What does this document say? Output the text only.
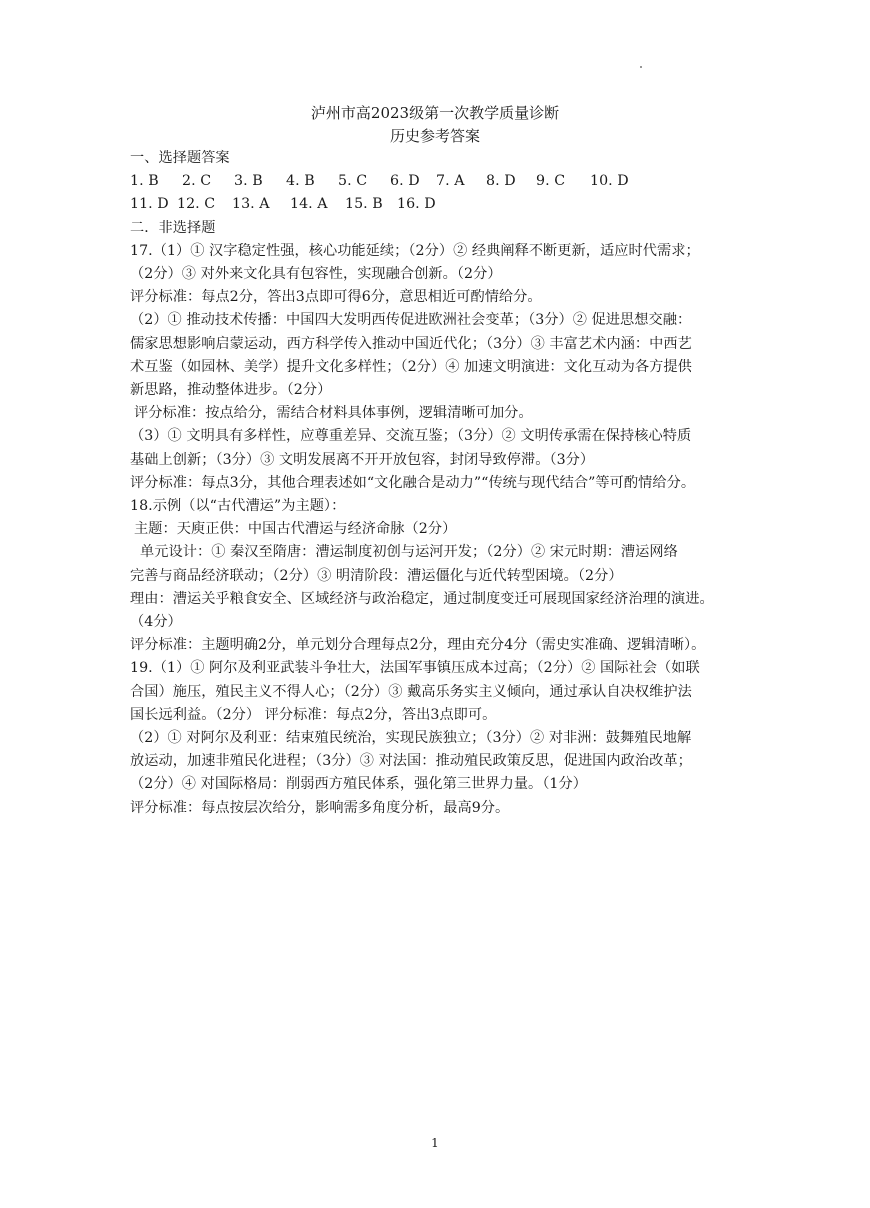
泸州市高2023级第一次教学质量诊断
历史参考答案
一、选择题答案
1. B	2. C	3. B	4. B	5. C	6. D	7. A	8. D	9. C	10. D
11. D 12. C	13. A	14. A	15. B	16. D
二．非选择题
17.（1）① 汉字稳定性强，核心功能延续；（2分）② 经典阐释不断更新，适应时代需求；
（2分）③ 对外来文化具有包容性，实现融合创新。（2分）
评分标准：每点2分，答出3点即可得6分，意思相近可酌情给分。
（2）① 推动技术传播：中国四大发明西传促进欧洲社会变革；（3分）② 促进思想交融：
儒家思想影响启蒙运动，西方科学传入推动中国近代化；（3分）③ 丰富艺术内涵：中西艺
术互鉴（如园林、美学）提升文化多样性；（2分）④ 加速文明演进：文化互动为各方提供
新思路，推动整体进步。（2分）
评分标准：按点给分，需结合材料具体事例，逻辑清晰可加分。
（3）① 文明具有多样性，应尊重差异、交流互鉴；（3分）② 文明传承需在保持核心特质
基础上创新；（3分）③ 文明发展离不开开放包容，封闭导致停滞。（3分）
评分标准：每点3分，其他合理表述如“文化融合是动力”“传统与现代结合”等可酌情给分。
18.示例（以“古代漕运”为主题）：
主题：天庾正供：中国古代漕运与经济命脉（2分）
单元设计：① 秦汉至隋唐：漕运制度初创与运河开发；（2分）② 宋元时期：漕运网络
完善与商品经济联动；（2分）③ 明清阶段：漕运僵化与近代转型困境。（2分）
理由：漕运关乎粮食安全、区域经济与政治稳定，通过制度变迁可展现国家经济治理的演进。
（4分）
评分标准：主题明确2分，单元划分合理每点2分，理由充分4分（需史实准确、逻辑清晰）。
19.（1）① 阿尔及利亚武装斗争壮大，法国军事镇压成本过高；（2分）② 国际社会（如联
合国）施压，殖民主义不得人心；（2分）③ 戴高乐务实主义倾向，通过承认自决权维护法
国长远利益。（2分） 评分标准：每点2分，答出3点即可。
（2）① 对阿尔及利亚：结束殖民统治，实现民族独立；（3分）② 对非洲：鼓舞殖民地解
放运动，加速非殖民化进程；（3分）③ 对法国：推动殖民政策反思，促进国内政治改革；
（2分）④ 对国际格局：削弱西方殖民体系，强化第三世界力量。（1分）
评分标准：每点按层次给分，影响需多角度分析，最高9分。
1
